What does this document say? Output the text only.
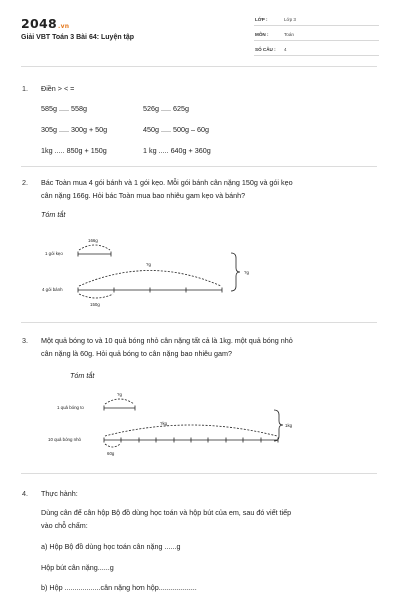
2048.vn
Giải VBT Toán 3 Bài 64: Luyện tập
LỚP :	Lớp 3
MÔN :	Toán
SỐ CÂU : 4
1. Điền > < =
585g ..... 558g	526g ..... 625g
305g ..... 300g + 50g	450g ..... 500g – 60g
1kg ..... 850g + 150g	1 kg ..... 640g + 360g
2. Bác Toàn mua 4 gói bánh và 1 gói kẹo. Mỗi gói bánh cân nặng 150g và gói kẹo
cân nặng 166g. Hỏi bác Toàn mua bao nhiêu gam kẹo và bánh?
Tóm tắt
1 gói kẹo
166g
4 gói bánh
150g
?g
?g
3. Một quả bóng to và 10 quả bóng nhỏ cân nặng tất cả là 1kg. một quả bóng nhỏ
cân nặng là 60g. Hỏi quả bóng to cân nặng bao nhiêu gam?
Tóm tắt
1 quả bóng to
?g
10 quả bóng nhỏ
?kg
60g
1kg
4. Thực hành:
Dùng cân để cân hộp Bộ đồ dùng học toán và hộp bút của em, sau đó viết tiếp
vào chỗ chấm:
a) Hộp Bộ đồ dùng học toán cân nặng ......g
Hộp bút cân nặng......g
b) Hộp ..................cân nặng hơn hộp...................
